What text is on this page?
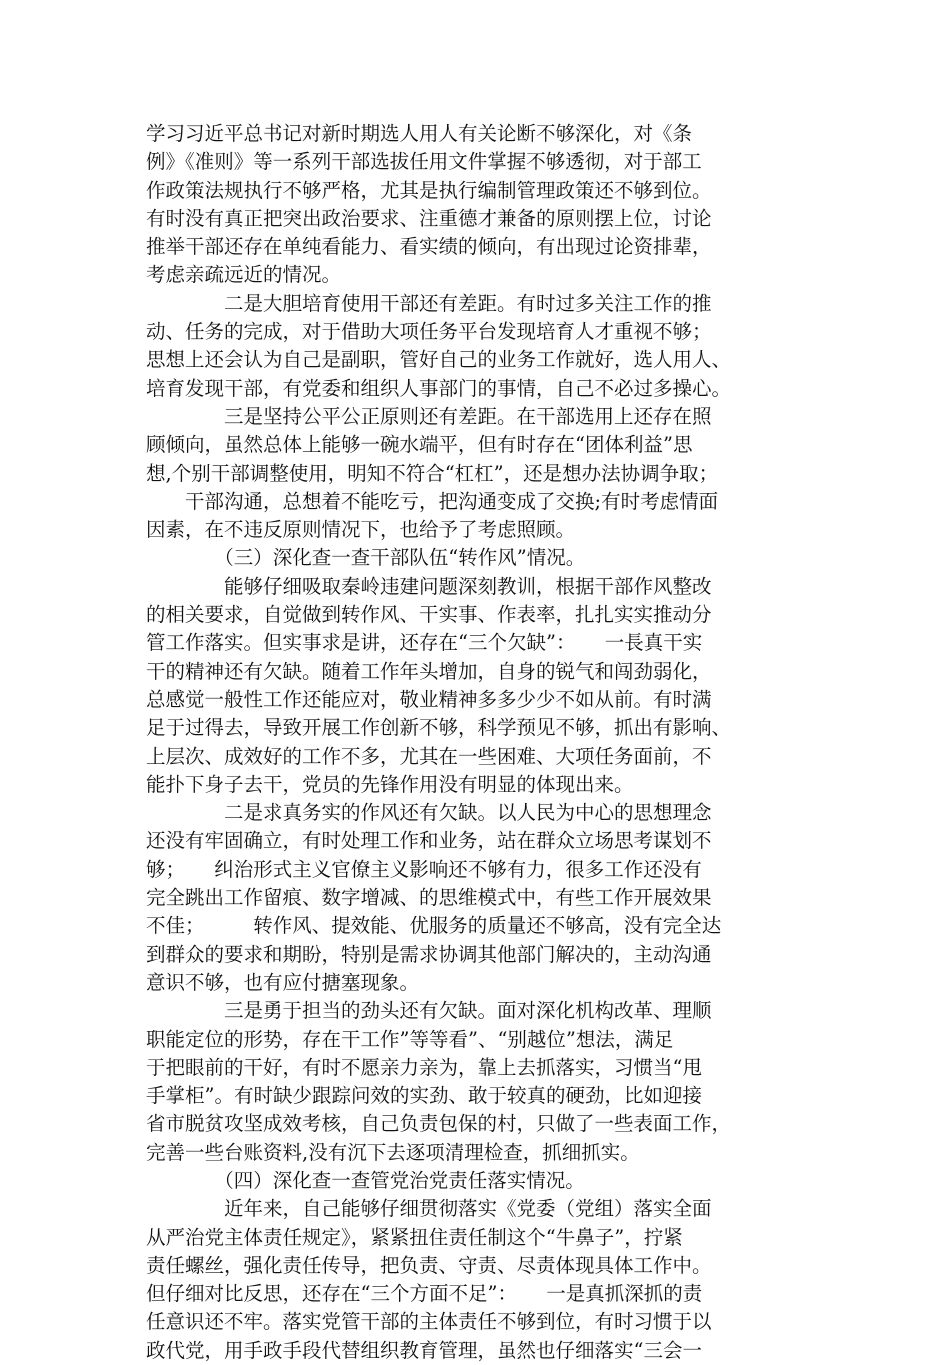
学习习近平总书记对新时期选人用人有关论断不够深化，对《条
例》《准则》等一系列干部选拔任用文件掌握不够透彻，对于部工
作政策法规执行不够严格，尤其是执行编制管理政策还不够到位。
有时没有真正把突出政治要求、注重德才兼备的原则摆上位，讨论
推举干部还存在单纯看能力、看实绩的倾向，有出现过论资排辈，
考虑亲疏远近的情况。
　　　　二是大胆培育使用干部还有差距。有时过多关注工作的推
动、任务的完成，对于借助大项任务平台发现培育人才重视不够；
思想上还会认为自己是副职，管好自己的业务工作就好，选人用人、
培育发现干部，有党委和组织人事部门的事情，自己不必过多操心。
　　　　三是坚持公平公正原则还有差距。在干部选用上还存在照
顾倾向，虽然总体上能够一碗水端平，但有时存在“团体利益”思
想,个别干部调整使用，明知不符合“杠杠”，还是想办法协调争取；
　　干部沟通，总想着不能吃亏，把沟通变成了交换;有时考虑情面
因素，在不违反原则情况下，也给予了考虑照顾。
　　　　（三）深化查一查干部队伍“转作风”情况。
　　　　能够仔细吸取秦岭违建问题深刻教训，根据干部作风整改
的相关要求，自觉做到转作风、干实事、作表率，扎扎实实推动分
管工作落实。但实事求是讲，还存在“三个欠缺”：　　一長真干实
干的精神还有欠缺。随着工作年头增加，自身的锐气和闯劲弱化，
总感觉一般性工作还能应对，敬业精神多多少少不如从前。有时满
足于过得去，导致开展工作创新不够，科学预见不够，抓出有影响、
上层次、成效好的工作不多，尤其在一些困难、大项任务面前，不
能扑下身子去干，党员的先锋作用没有明显的体现出来。
　　　　二是求真务实的作风还有欠缺。以人民为中心的思想理念
还没有牢固确立，有时处理工作和业务，站在群众立场思考谋划不
够；　　纠治形式主义官僚主义影响还不够有力，很多工作还没有
完全跳出工作留痕、数字增减、的思维模式中，有些工作开展效果
不佳；　　　转作风、提效能、优服务的质量还不够高，没有完全达
到群众的要求和期盼，特别是需求协调其他部门解决的，主动沟通
意识不够，也有应付搪塞现象。
　　　　三是勇于担当的劲头还有欠缺。面对深化机构改革、理顺
职能定位的形势，存在干工作”等等看”、“别越位”想法，满足
于把眼前的干好，有时不愿亲力亲为，靠上去抓落实，习惯当“甩
手掌柜”。有时缺少跟踪问效的实劲、敢于较真的硬劲，比如迎接
省市脱贫攻坚成效考核，自己负责包保的村，只做了一些表面工作，
完善一些台账资料,没有沉下去逐项清理检查，抓细抓实。
　　　　（四）深化查一查管党治党责任落实情况。
　　　　近年来，自己能够仔细贯彻落实《党委（党组）落实全面
从严治党主体责任规定》，紧紧扭住责任制这个“牛鼻子”，拧紧
责任螺丝，强化责任传导，把负责、守责、尽责体现具体工作中。
但仔细对比反思，还存在“三个方面不足”：　　一是真抓深抓的责
任意识还不牢。落实党管干部的主体责任不够到位，有时习惯于以
政代党，用手政手段代替组织教育管理，虽然也仔细落实“三会一
